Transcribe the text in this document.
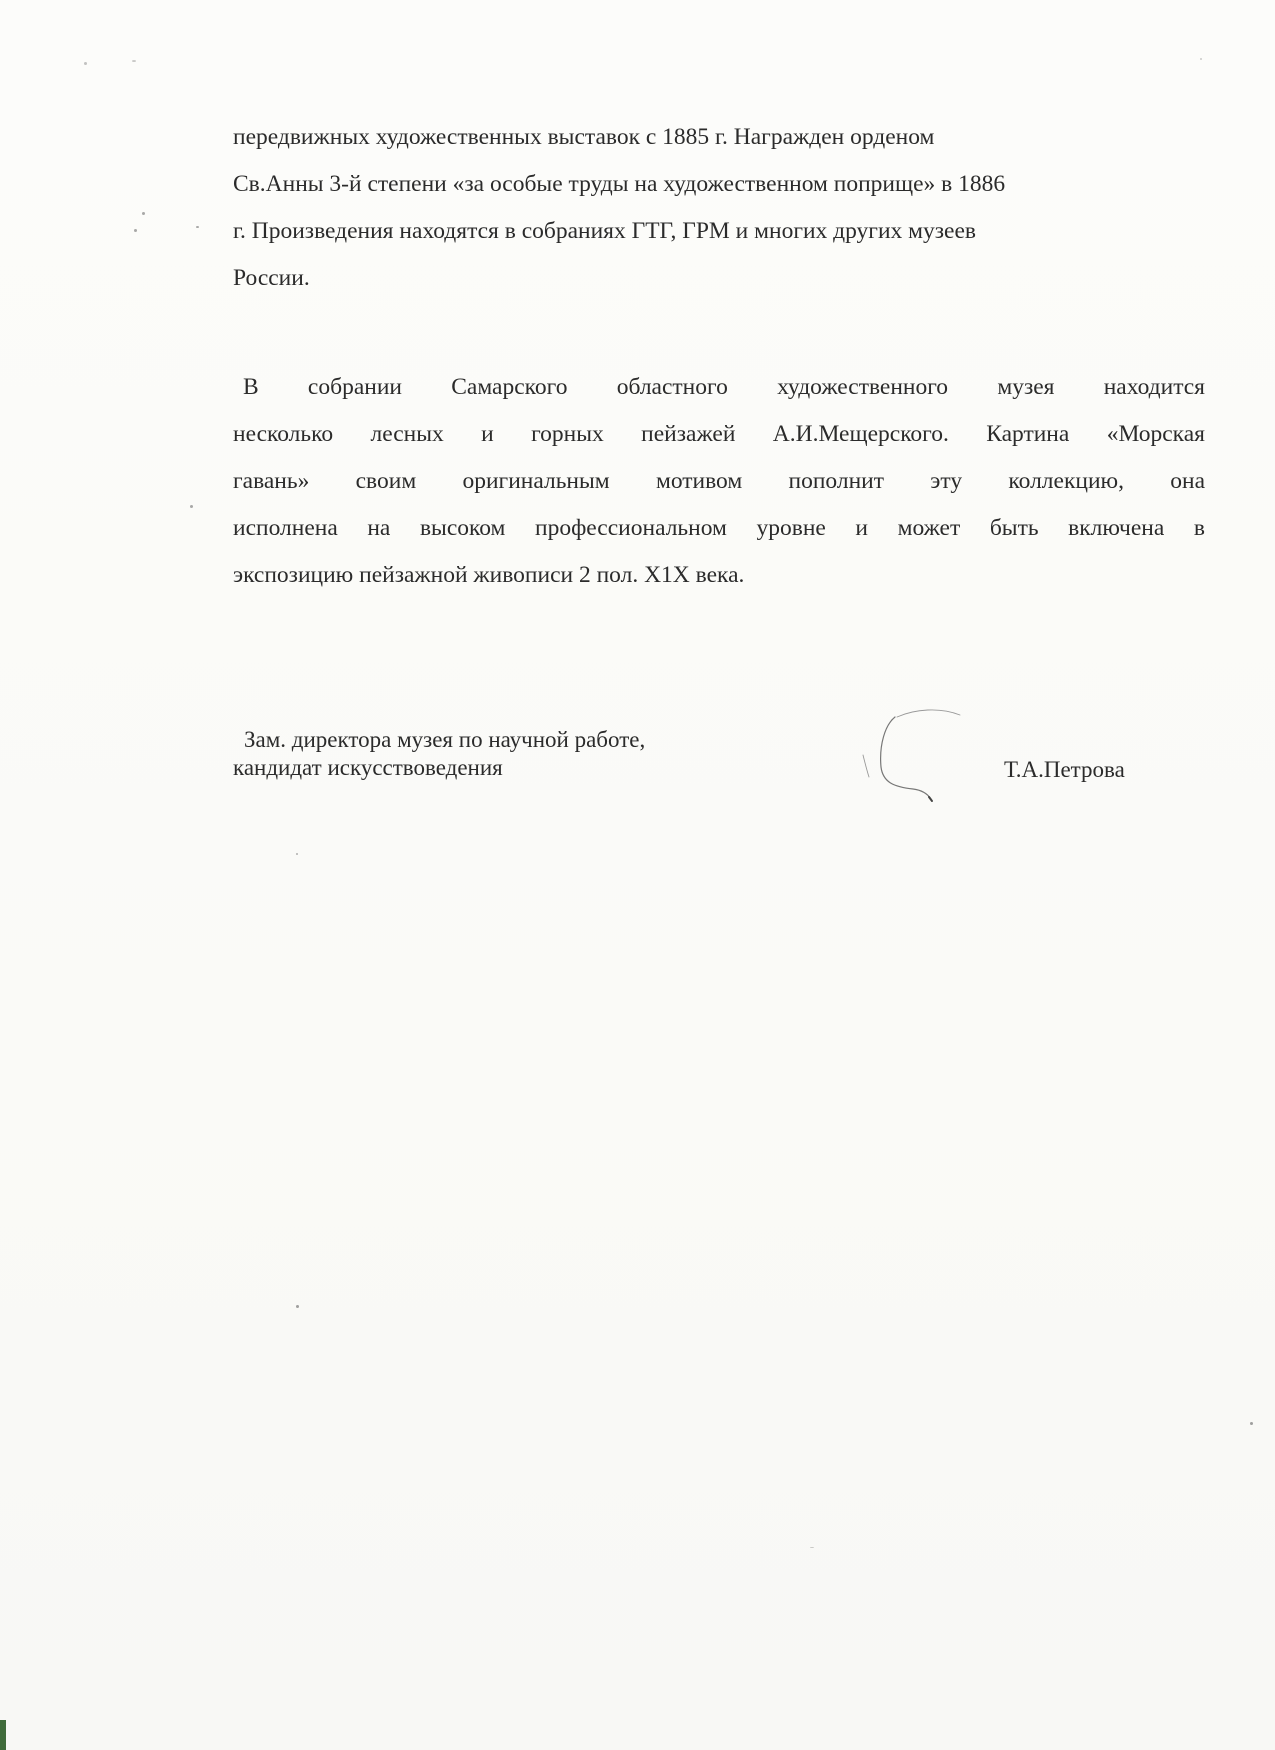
передвижных художественных выставок с 1885 г. Награжден орденом
Св.Анны 3-й степени «за особые труды на художественном поприще» в 1886
г. Произведения находятся в собраниях ГТГ, ГРМ и многих других музеев
России.
В собрании Самарского областного художественного музея находится
несколько лесных и горных пейзажей А.И.Мещерского. Картина «Морская
гавань» своим оригинальным мотивом пополнит эту коллекцию, она
исполнена на высоком профессиональном уровне и может быть включена в
экспозицию пейзажной живописи 2 пол. Х1Х века.
Зам. директора музея по научной работе,
кандидат искусствоведения	Т.А.Петрова
